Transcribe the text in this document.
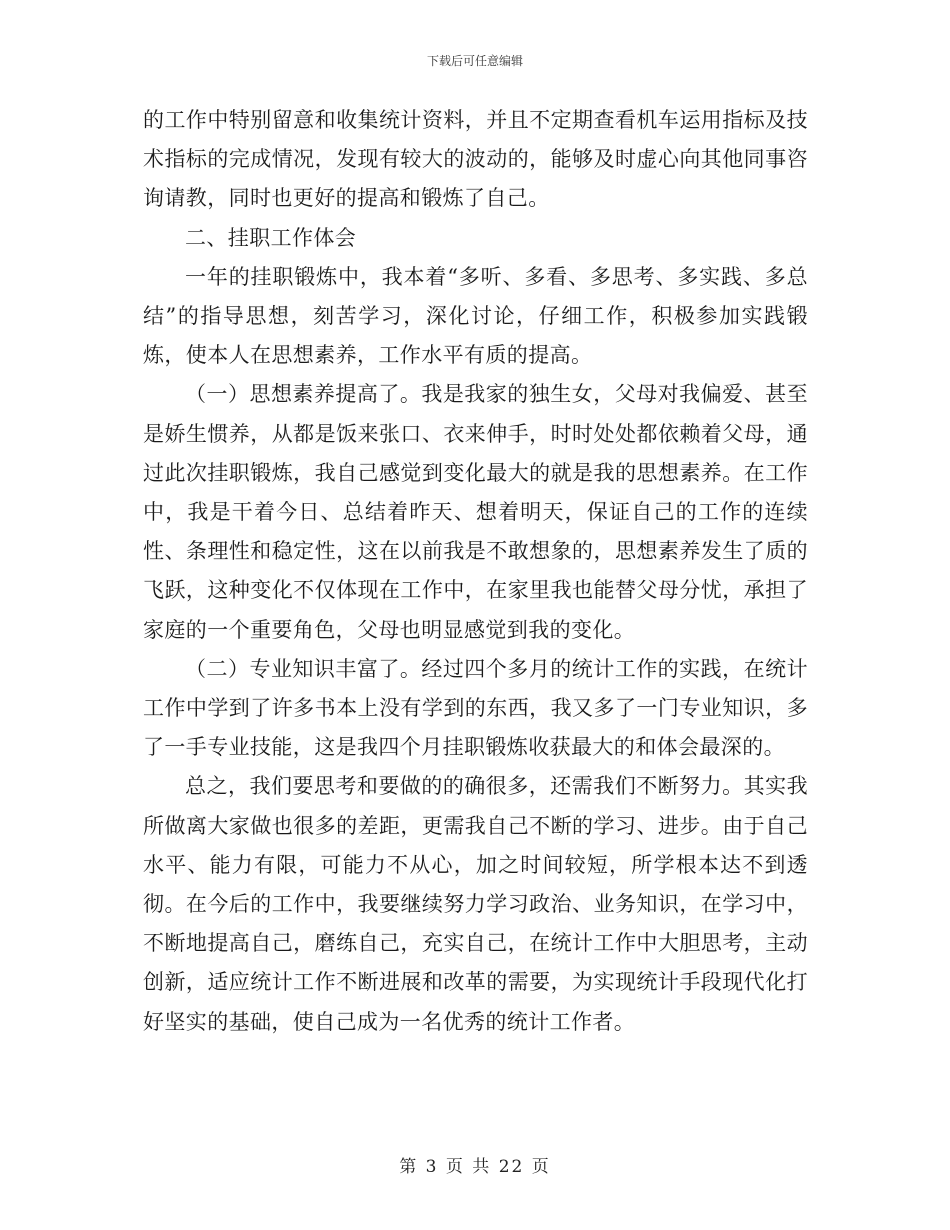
下载后可任意编辑

的工作中特别留意和收集统计资料，并且不定期查看机车运用指标及技术指标的完成情况，发现有较大的波动的，能够及时虚心向其他同事咨询请教，同时也更好的提高和锻炼了自己。

二、挂职工作体会

一年的挂职锻炼中，我本着“多听、多看、多思考、多实践、多总结”的指导思想，刻苦学习，深化讨论，仔细工作，积极参加实践锻炼，使本人在思想素养，工作水平有质的提高。

（一）思想素养提高了。我是我家的独生女，父母对我偏爱、甚至是娇生惯养，从都是饭来张口、衣来伸手，时时处处都依赖着父母，通过此次挂职锻炼，我自己感觉到变化最大的就是我的思想素养。在工作中，我是干着今日、总结着昨天、想着明天，保证自己的工作的连续性、条理性和稳定性，这在以前我是不敢想象的，思想素养发生了质的飞跃，这种变化不仅体现在工作中，在家里我也能替父母分忧，承担了家庭的一个重要角色，父母也明显感觉到我的变化。

（二）专业知识丰富了。经过四个多月的统计工作的实践，在统计工作中学到了许多书本上没有学到的东西，我又多了一门专业知识，多了一手专业技能，这是我四个月挂职锻炼收获最大的和体会最深的。

总之，我们要思考和要做的的确很多，还需我们不断努力。其实我所做离大家做也很多的差距，更需我自己不断的学习、进步。由于自己水平、能力有限，可能力不从心，加之时间较短，所学根本达不到透彻。在今后的工作中，我要继续努力学习政治、业务知识，在学习中，不断地提高自己，磨练自己，充实自己，在统计工作中大胆思考，主动创新，适应统计工作不断进展和改革的需要，为实现统计手段现代化打好坚实的基础，使自己成为一名优秀的统计工作者。

第 3 页 共 22 页
